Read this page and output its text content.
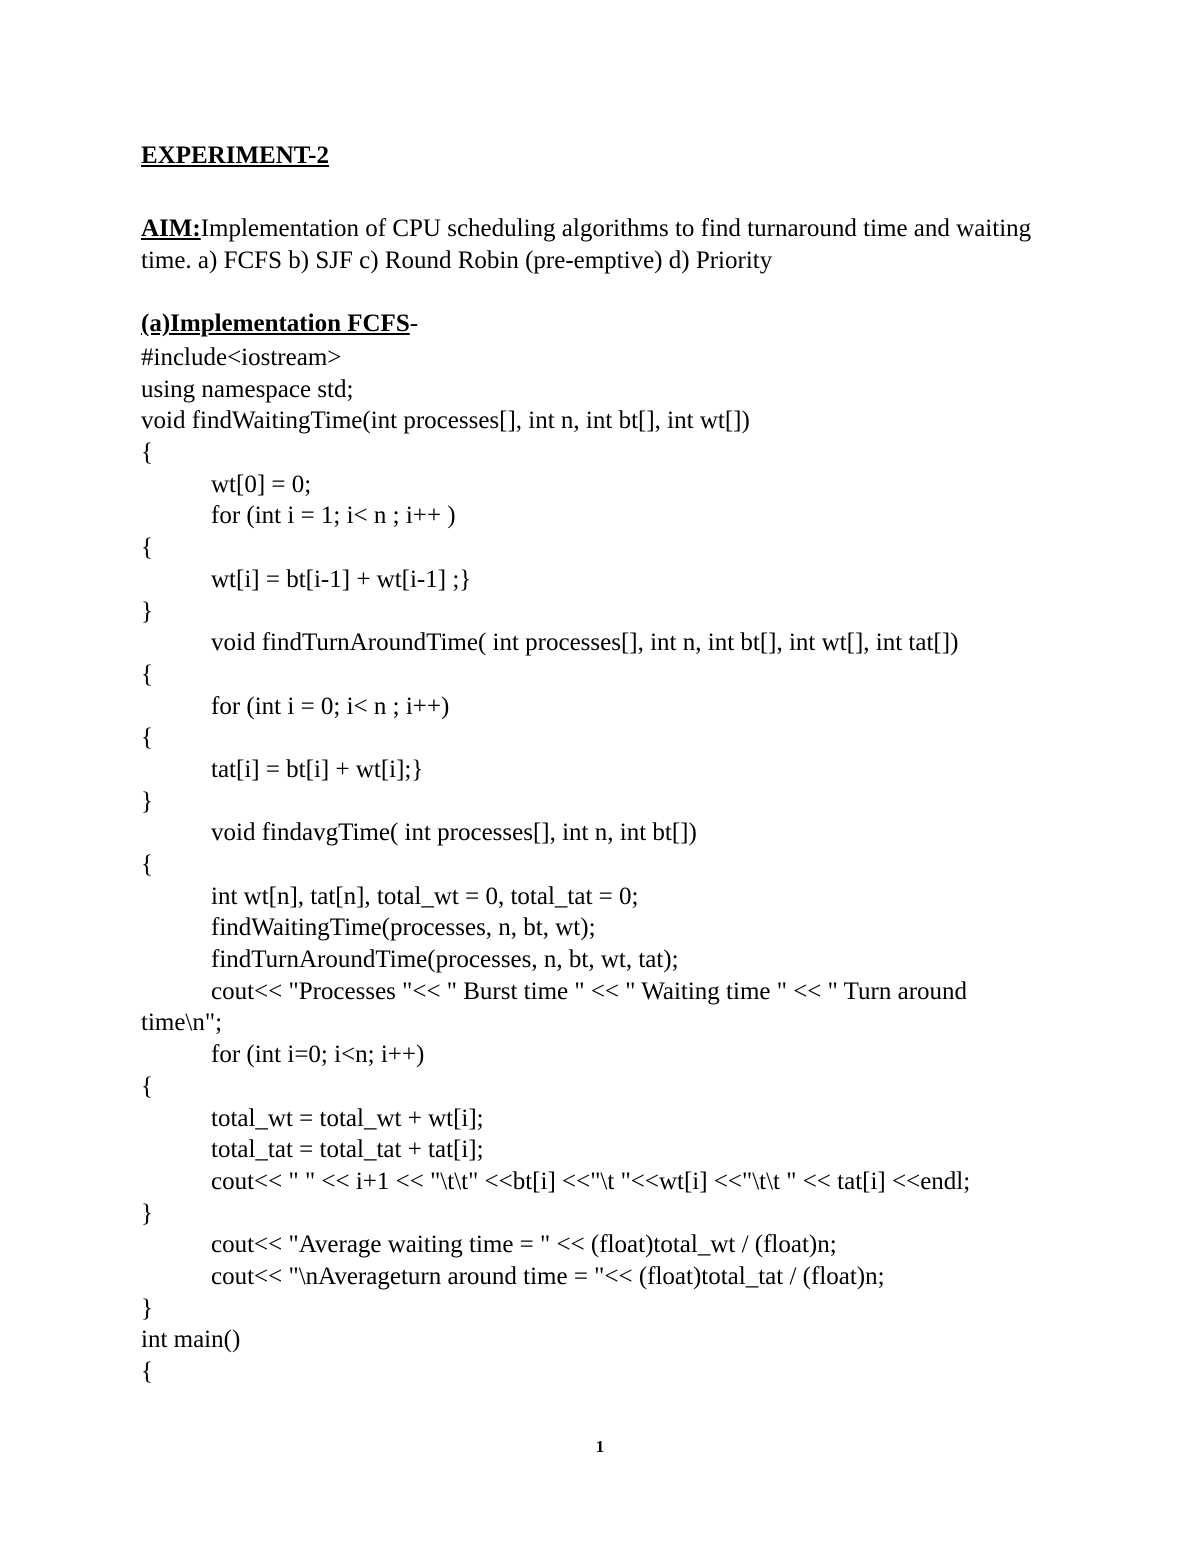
EXPERIMENT-2
AIM:Implementation of CPU scheduling algorithms to find turnaround time and waiting time. a) FCFS b) SJF c) Round Robin (pre-emptive) d) Priority
(a)Implementation FCFS-
#include<iostream>
using namespace std;
void findWaitingTime(int processes[], int n, int bt[], int wt[])
{
wt[0] = 0;
for (int i = 1; i< n ; i++ )
{
wt[i] = bt[i-1] + wt[i-1] ;}
}
void findTurnAroundTime( int processes[], int n, int bt[], int wt[], int tat[])
{
for (int i = 0; i< n ; i++)
{
tat[i] = bt[i] + wt[i];}
}
void findavgTime( int processes[], int n, int bt[])
{
int wt[n], tat[n], total_wt = 0, total_tat = 0;
findWaitingTime(processes, n, bt, wt);
findTurnAroundTime(processes, n, bt, wt, tat);
cout<< "Processes "<< " Burst time " << " Waiting time " << " Turn around
time\n";
for (int i=0; i<n; i++)
{
total_wt = total_wt + wt[i];
total_tat = total_tat + tat[i];
cout<< " " << i+1 << "\t\t" <<bt[i] <<"\t "<<wt[i] <<"\t\t " << tat[i] <<endl;
}
cout<< "Average waiting time = " << (float)total_wt / (float)n;
cout<< "\nAverageturn around time = "<< (float)total_tat / (float)n;
}
int main()
{
1
